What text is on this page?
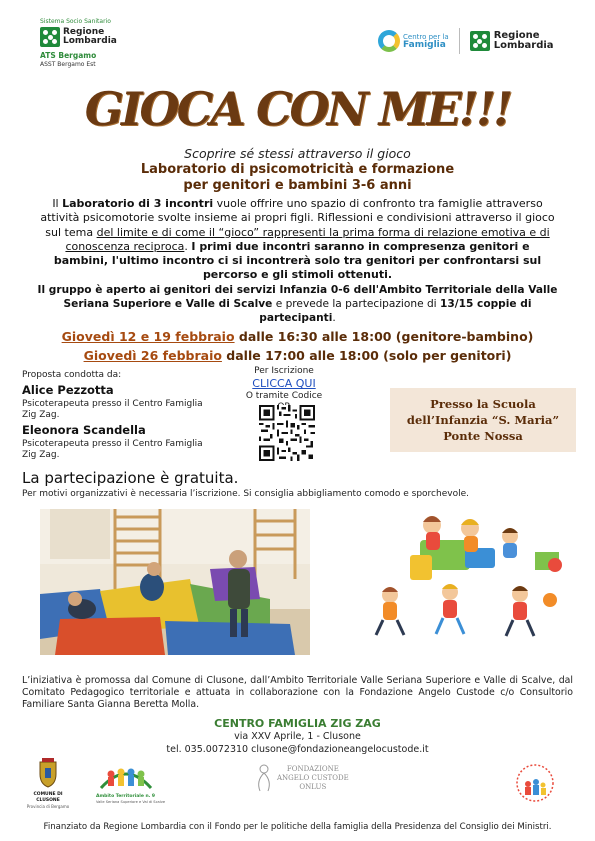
Sistema Socio Sanitario
Regione
Lombardia
ATS Bergamo
ASST Bergamo Est
Centro per la
Famiglia
Regione
Lombardia
GIOCA CON ME!!!
Scoprire sé stessi attraverso il gioco
Laboratorio di psicomotricità e formazione
per genitori e bambini 3-6 anni
Il Laboratorio di 3 incontri vuole offrire uno spazio di confronto tra famiglie attraverso attività psicomotorie svolte insieme ai propri figli. Riflessioni e condivisioni attraverso il gioco sul tema del limite e di come il “gioco” rappresenti la prima forma di relazione emotiva e di conoscenza reciproca. I primi due incontri saranno in compresenza genitori e bambini, l'ultimo incontro ci si incontrerà solo tra genitori per confrontarsi sul percorso e gli stimoli ottenuti.
Il gruppo è aperto ai genitori dei servizi Infanzia 0-6 dell'Ambito Territoriale della Valle Seriana Superiore e Valle di Scalve e prevede la partecipazione di 13/15 coppie di partecipanti.
Giovedì 12 e 19 febbraio dalle 16:30 alle 18:00 (genitore-bambino)
Giovedì 26 febbraio dalle 17:00 alle 18:00 (solo per genitori)
Proposta condotta da:
Alice Pezzotta
Psicoterapeuta presso il Centro Famiglia
Zig Zag.
Eleonora Scandella
Psicoterapeuta presso il Centro Famiglia
Zig Zag.
Per Iscrizione
CLICCA QUI
O tramite Codice
Presso la Scuola
dell’Infanzia “S. Maria”
Ponte Nossa
La partecipazione è gratuita.
Per motivi organizzativi è necessaria l’iscrizione. Si consiglia abbigliamento comodo e sporchevole.
L’iniziativa è promossa dal Comune di Clusone, dall’Ambito Territoriale Valle Seriana Superiore e Valle di Scalve, dal Comitato Pedagogico territoriale e attuata in collaborazione con la Fondazione Angelo Custode c/o Consultorio Familiare Santa Gianna Beretta Molla.
CENTRO FAMIGLIA ZIG ZAG
via XXV Aprile, 1 - Clusone
tel. 035.0072310 clusone@fondazioneangelocustode.it
COMUNE DI CLUSONE
Provincia di Bergamo
Ambito Territoriale n. 9
Valle Seriana Superiore e Val di Scalve
FONDAZIONE
ANGELO CUSTODE
ONLUS
Finanziato da Regione Lombardia con il Fondo per le politiche della famiglia della Presidenza del Consiglio dei Ministri.
